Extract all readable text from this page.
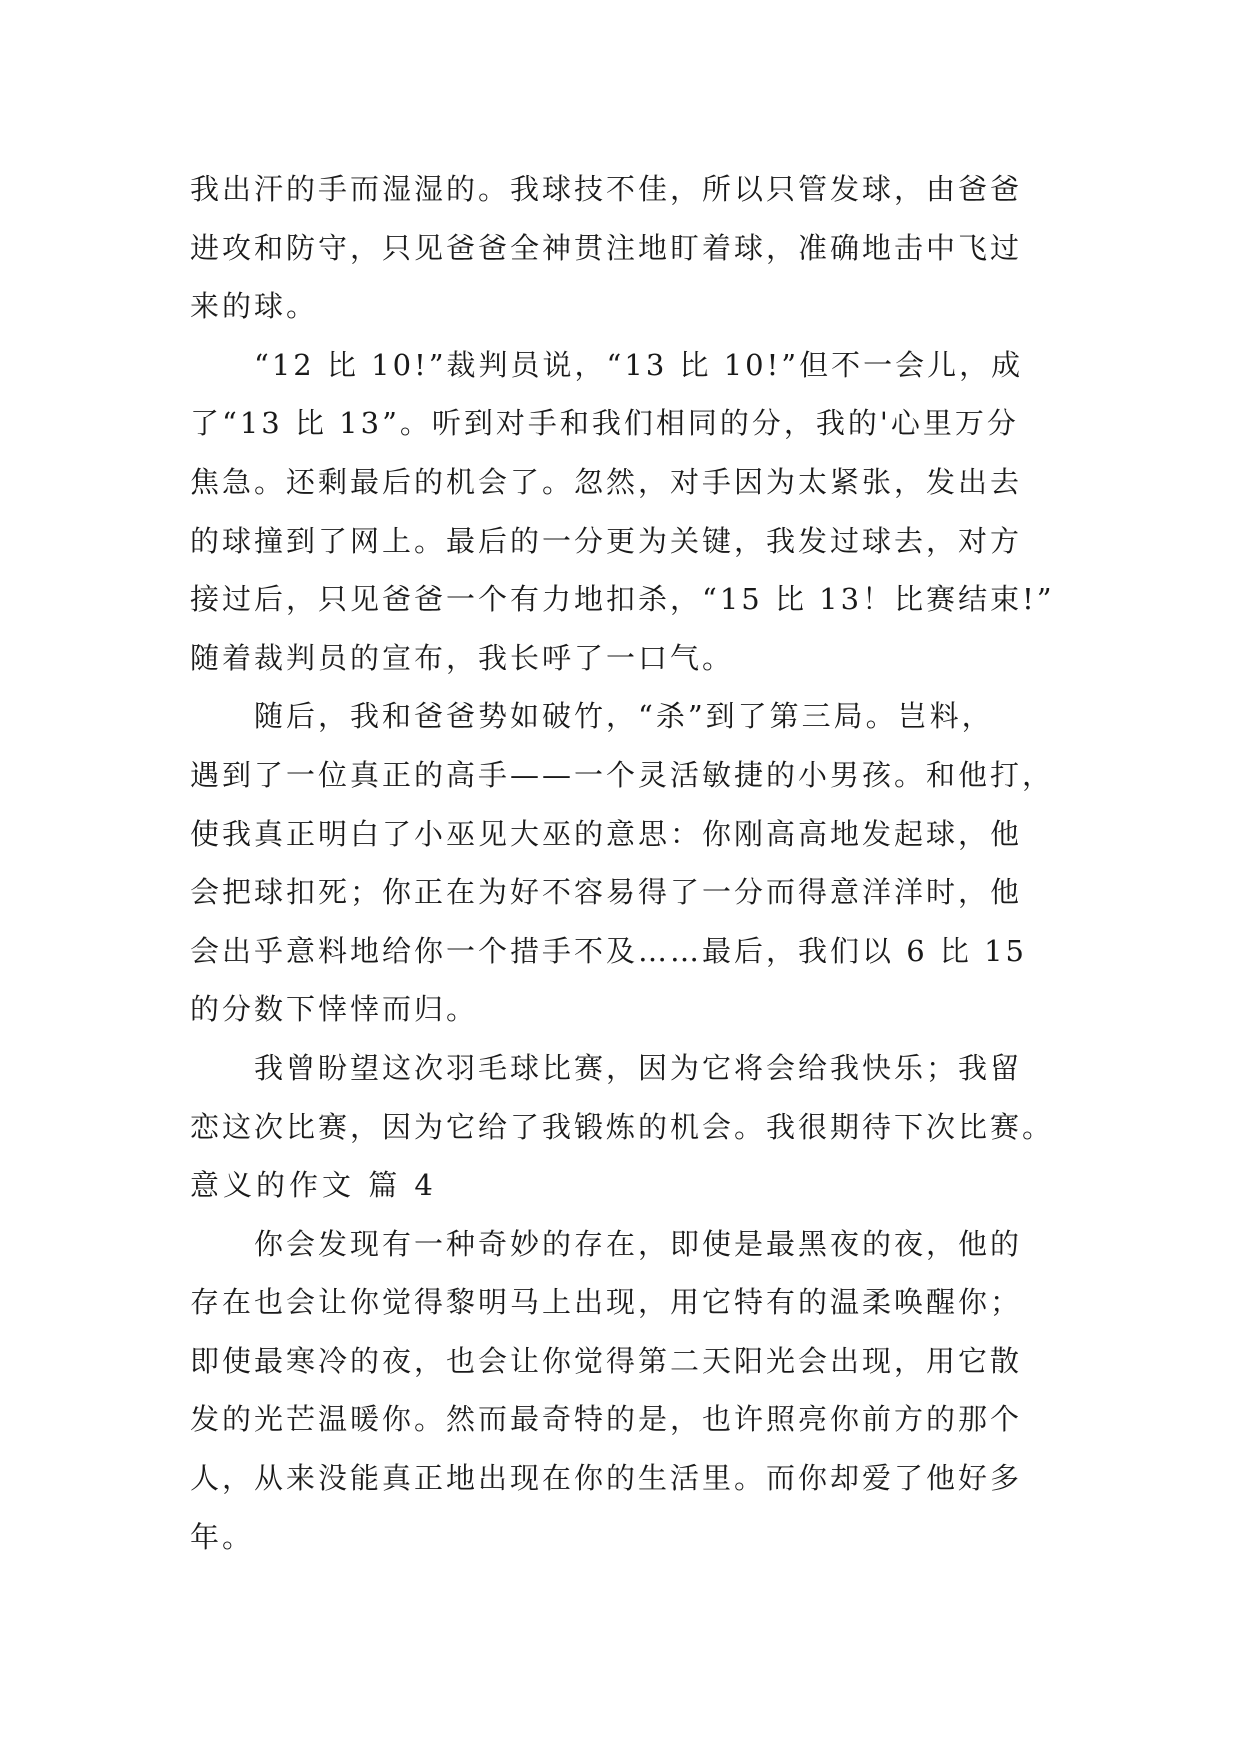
我出汗的手而湿湿的。我球技不佳，所以只管发球，由爸爸
进攻和防守，只见爸爸全神贯注地盯着球，准确地击中飞过
来的球。
“12 比 10!”裁判员说，“13 比 10!”但不一会儿，成
了“13 比 13”。听到对手和我们相同的分，我的'心里万分
焦急。还剩最后的机会了。忽然，对手因为太紧张，发出去
的球撞到了网上。最后的一分更为关键，我发过球去，对方
接过后，只见爸爸一个有力地扣杀，“15 比 13！比赛结束!”
随着裁判员的宣布，我长呼了一口气。
随后，我和爸爸势如破竹，“杀”到了第三局。岂料，
遇到了一位真正的高手——一个灵活敏捷的小男孩。和他打，
使我真正明白了小巫见大巫的意思：你刚高高地发起球，他
会把球扣死；你正在为好不容易得了一分而得意洋洋时，他
会出乎意料地给你一个措手不及……最后，我们以 6 比 15
的分数下悻悻而归。
我曾盼望这次羽毛球比赛，因为它将会给我快乐；我留
恋这次比赛，因为它给了我锻炼的机会。我很期待下次比赛。
意义的作文 篇 4
你会发现有一种奇妙的存在，即使是最黑夜的夜，他的
存在也会让你觉得黎明马上出现，用它特有的温柔唤醒你；
即使最寒冷的夜，也会让你觉得第二天阳光会出现，用它散
发的光芒温暖你。然而最奇特的是，也许照亮你前方的那个
人，从来没能真正地出现在你的生活里。而你却爱了他好多
年。
